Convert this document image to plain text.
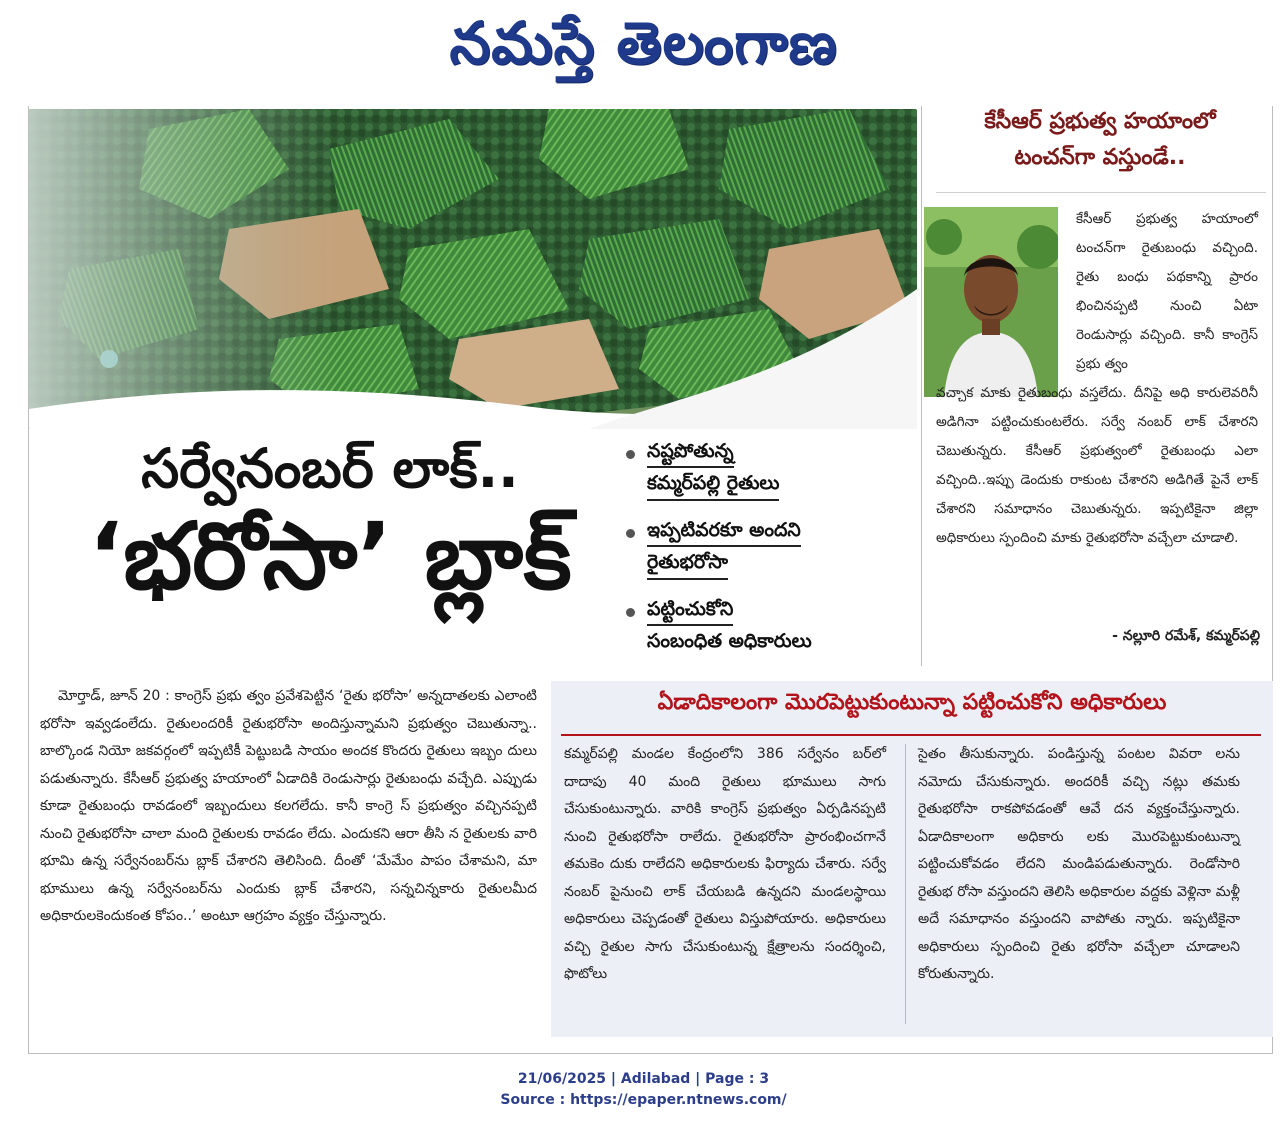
నమస్తే తెలంగాణ
సర్వేనంబర్ లాక్..
‘భరోసా’ బ్లాక్
నష్టపోతున్న
కమ్మర్‌పల్లి రైతులు
ఇప్పటివరకూ అందని
రైతుభరోసా
పట్టించుకోని
సంబంధిత అధికారులు
కేసీఆర్ ప్రభుత్వ హయాంలో
టంచన్‌గా వస్తుండే..
కేసీఆర్ ప్రభుత్వ హయాంలో టంచన్‌గా రైతుబంధు వచ్చింది. రైతు బంధు పథకాన్ని ప్రారం భించినప్పటి నుంచి ఏటా రెండుసార్లు వచ్చింది. కానీ కాంగ్రెస్ ప్రభు త్వం
వచ్చాక మాకు రైతుబంధు వస్తలేదు. దీనిపై అధి కారులెవరినీ అడిగినా పట్టించుకుంటలేరు. సర్వే నంబర్ లాక్ చేశారని చెబుతున్నరు. కేసీఆర్ ప్రభుత్వంలో రైతుబంధు ఎలా వచ్చింది..ఇప్పు డెందుకు రాకుంట చేశారని అడిగితే పైనే లాక్ చేశారని సమాధానం చెబుతున్నరు. ఇప్పటికైనా జిల్లా అధికారులు స్పందించి మాకు రైతుభరోసా వచ్చేలా చూడాలి.
- నల్లూరి రమేశ్, కమ్మర్‌పల్లి
మోర్తాడ్, జూన్ 20 : కాంగ్రెస్ ప్రభు త్వం ప్రవేశపెట్టిన ‘రైతు భరోసా’ అన్నదాతలకు ఎలాంటి భరోసా ఇవ్వడంలేదు. రైతులందరికీ రైతుభరోసా అందిస్తున్నామని ప్రభుత్వం చెబుతున్నా.. బాల్కొండ నియో జకవర్గంలో ఇప్పటికీ పెట్టుబడి సాయం అందక కొందరు రైతులు ఇబ్బం దులు పడుతున్నారు. కేసీఆర్ ప్రభుత్వ హయాంలో ఏడాదికి రెండుసార్లు రైతుబంధు వచ్చేది. ఎప్పుడు కూడా రైతుబంధు రావడంలో ఇబ్బందులు కలగలేదు. కానీ కాంగ్రె స్ ప్రభుత్వం వచ్చినప్పటి నుంచి రైతుభరోసా చాలా మంది రైతులకు రావడం లేదు. ఎందుకని ఆరా తీసి న రైతులకు వారి భూమి ఉన్న సర్వేనంబర్‌ను బ్లాక్ చేశారని తెలిసింది. దీంతో ‘మేమేం పాపం చేశామని, మా భూములు ఉన్న సర్వేనంబర్‌ను ఎందుకు బ్లాక్ చేశారని, సన్నచిన్నకారు రైతులమీద అధికారులకెందుకంత కోపం..’ అంటూ ఆగ్రహం వ్యక్తం చేస్తున్నారు.
ఏడాదికాలంగా మొరపెట్టుకుంటున్నా పట్టించుకోని అధికారులు
కమ్మర్‌పల్లి మండల కేంద్రంలోని 386 సర్వేనం బర్‌లో దాదాపు 40 మంది రైతులు భూములు సాగు చేసుకుంటున్నారు. వారికి కాంగ్రెస్ ప్రభుత్వం ఏర్పడినప్పటి నుంచి రైతుభరోసా రాలేదు. రైతుభరోసా ప్రారంభించగానే తమకెం దుకు రాలేదని అధికారులకు ఫిర్యాదు చేశారు. సర్వే నంబర్ పైనుంచి లాక్ చేయబడి ఉన్నదని మండలస్థాయి అధికారులు చెప్పడంతో రైతులు విస్తుపోయారు. అధికారులు వచ్చి రైతుల సాగు చేసుకుంటున్న క్షేత్రాలను సందర్శించి, ఫొటోలు
సైతం తీసుకున్నారు. పండిస్తున్న పంటల వివరా లను నమోదు చేసుకున్నారు. అందరికీ వచ్చి నట్లు తమకు రైతుభరోసా రాకపోవడంతో ఆవే దన వ్యక్తంచేస్తున్నారు. ఏడాదికాలంగా అధికారు లకు మొరపెట్టుకుంటున్నా పట్టించుకోవడం లేదని మండిపడుతున్నారు. రెండోసారి రైతుభ రోసా వస్తుందని తెలిసి అధికారుల వద్దకు వెళ్లినా మళ్లీ అదే సమాధానం వస్తుందని వాపోతు న్నారు. ఇప్పటికైనా అధికారులు స్పందించి రైతు భరోసా వచ్చేలా చూడాలని కోరుతున్నారు.
21/06/2025 | Adilabad | Page : 3
Source : https://epaper.ntnews.com/
